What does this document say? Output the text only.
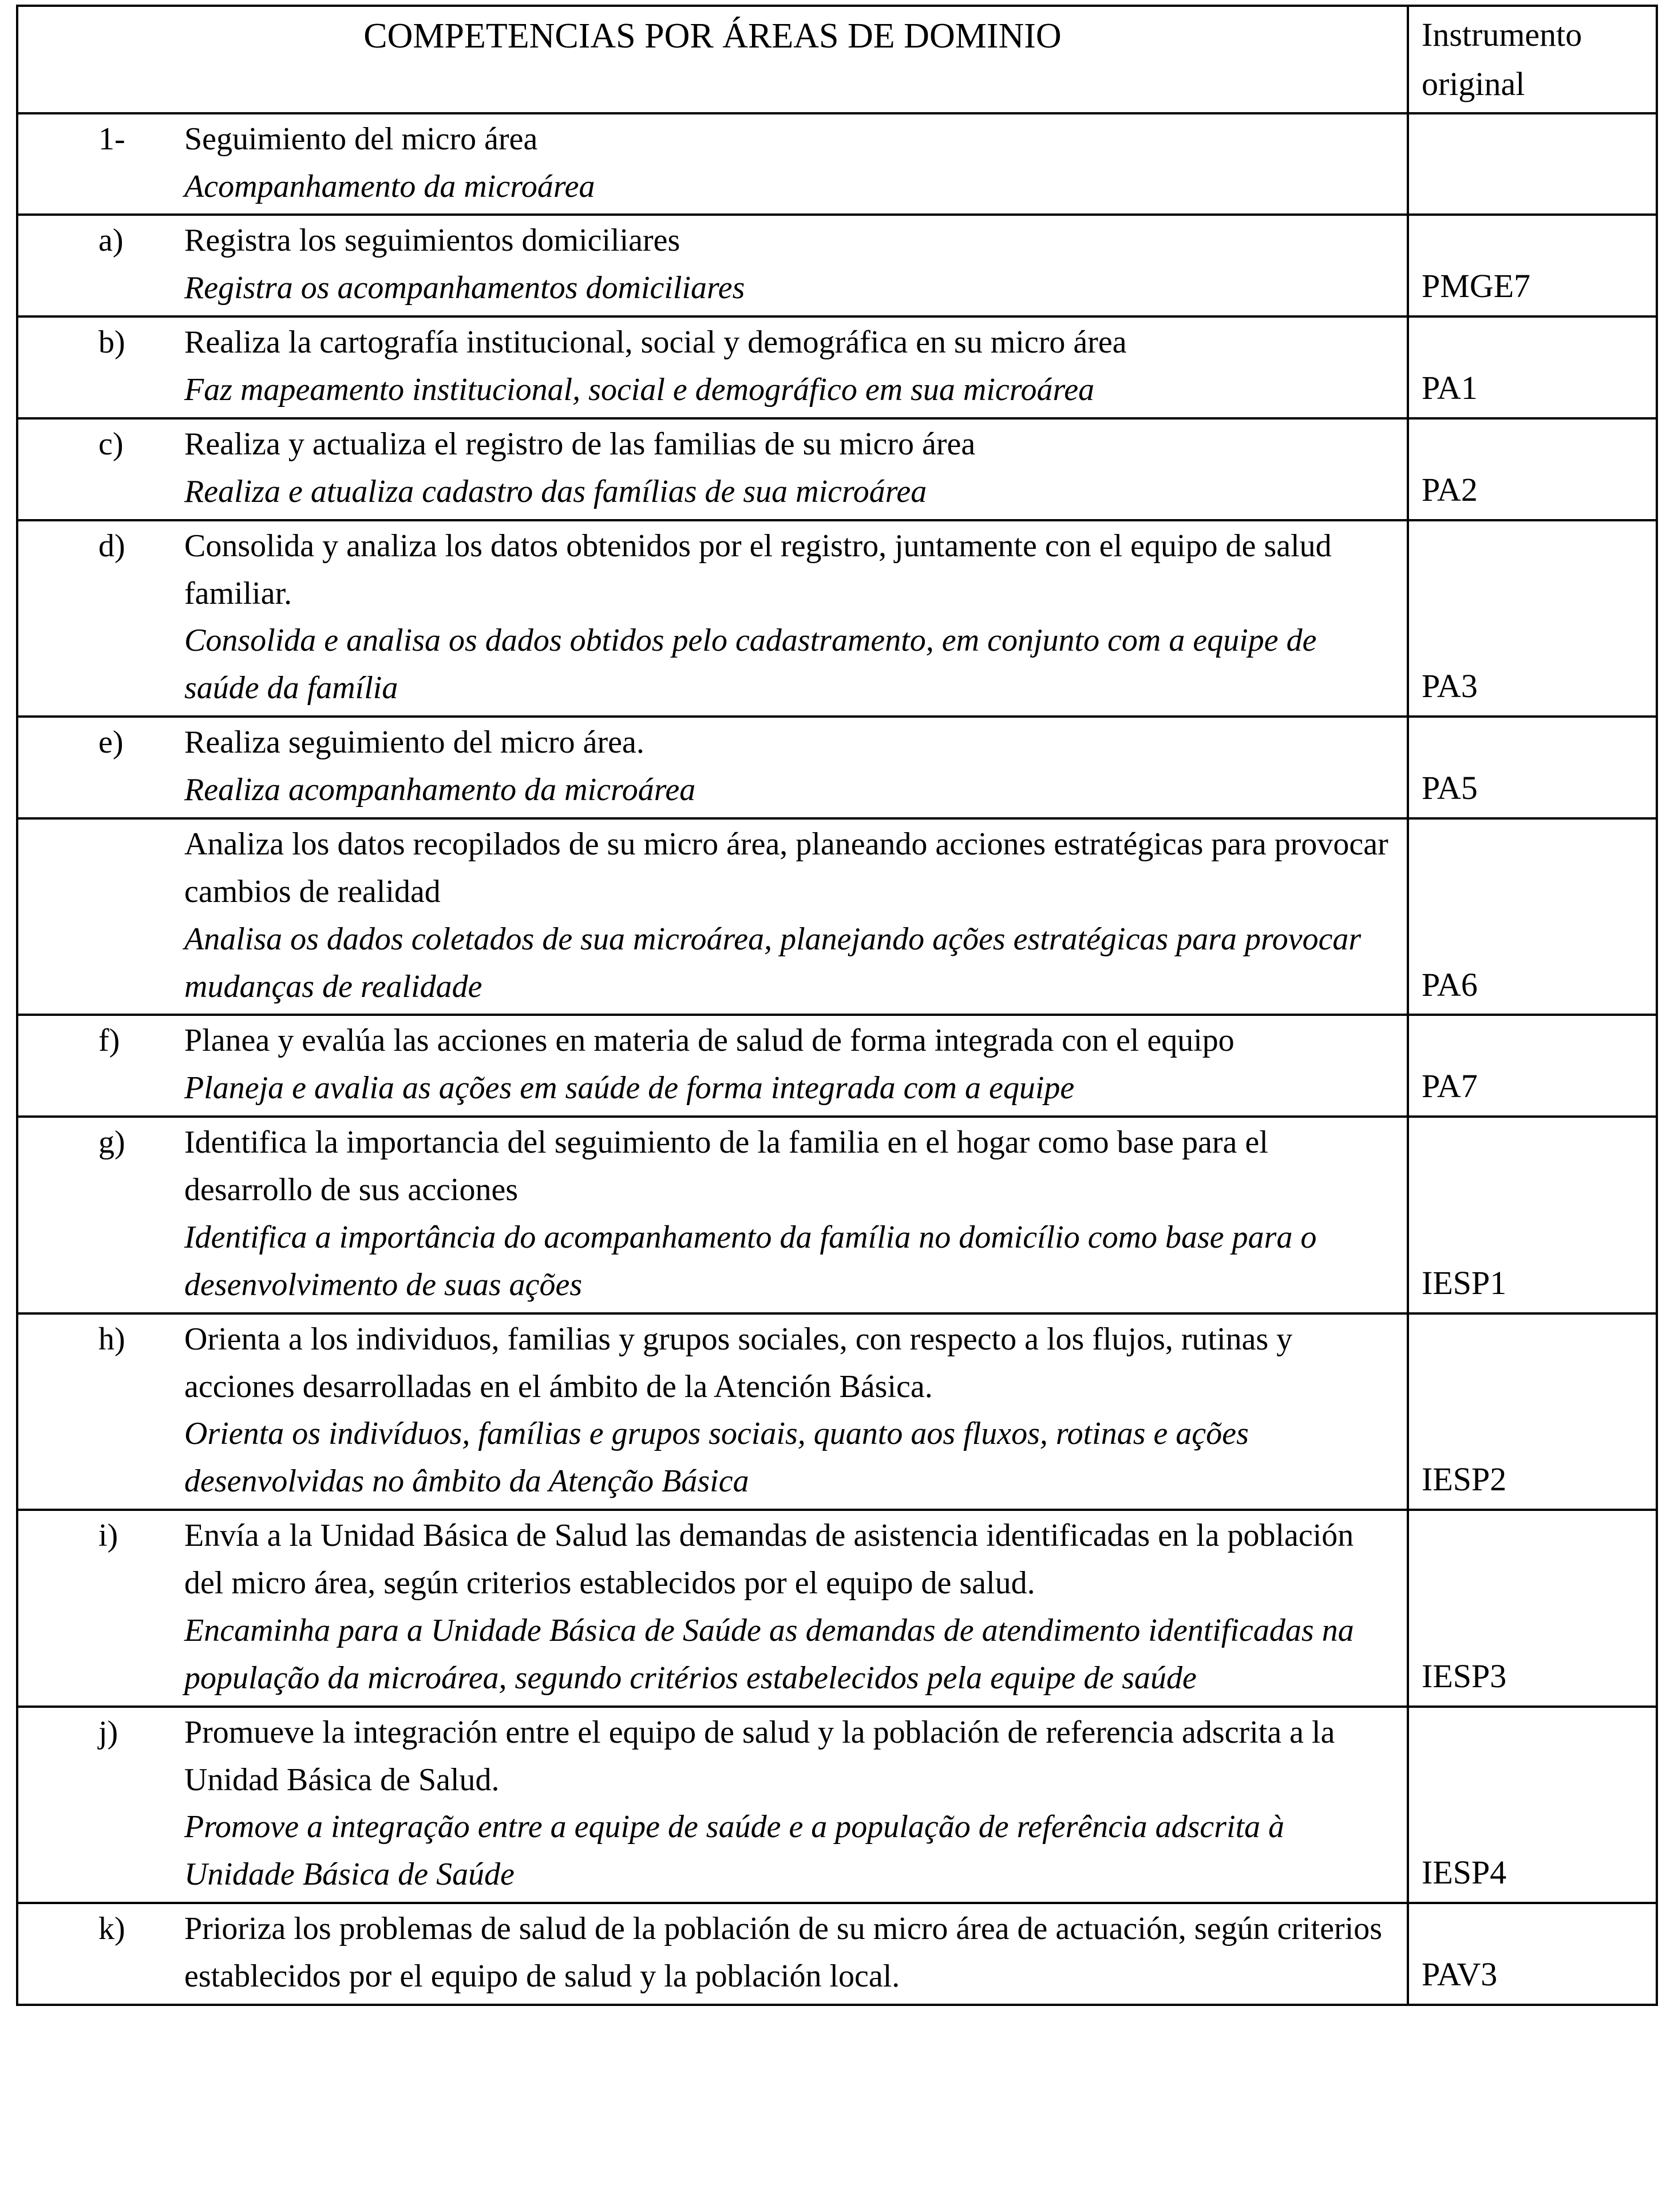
COMPETENCIAS POR ÁREAS DE DOMINIO	Instrumento original

1- Seguimiento del micro área
Acompanhamento da microárea	

a) Registra los seguimientos domiciliares
Registra os acompanhamentos domiciliares	PMGE7

b) Realiza la cartografía institucional, social y demográfica en su micro área
Faz mapeamento institucional, social e demográfico em sua microárea	PA1

c) Realiza y actualiza el registro de las familias de su micro área
Realiza e atualiza cadastro das famílias de sua microárea	PA2

d) Consolida y analiza los datos obtenidos por el registro, juntamente con el equipo de salud familiar.
Consolida e analisa os dados obtidos pelo cadastramento, em conjunto com a equipe de saúde da família	PA3

e) Realiza seguimiento del micro área.
Realiza acompanhamento da microárea	PA5

Analiza los datos recopilados de su micro área, planeando acciones estratégicas para provocar cambios de realidad
Analisa os dados coletados de sua microárea, planejando ações estratégicas para provocar mudanças de realidade	PA6

f) Planea y evalúa las acciones en materia de salud de forma integrada con el equipo
Planeja e avalia as ações em saúde de forma integrada com a equipe	PA7

g) Identifica la importancia del seguimiento de la familia en el hogar como base para el desarrollo de sus acciones
Identifica a importância do acompanhamento da família no domicílio como base para o desenvolvimento de suas ações	IESP1

h) Orienta a los individuos, familias y grupos sociales, con respecto a los flujos, rutinas y acciones desarrolladas en el ámbito de la Atención Básica.
Orienta os indivíduos, famílias e grupos sociais, quanto aos fluxos, rotinas e ações desenvolvidas no âmbito da Atenção Básica	IESP2

i) Envía a la Unidad Básica de Salud las demandas de asistencia identificadas en la población del micro área, según criterios establecidos por el equipo de salud.
Encaminha para a Unidade Básica de Saúde as demandas de atendimento identificadas na população da microárea, segundo critérios estabelecidos pela equipe de saúde	IESP3

j) Promueve la integración entre el equipo de salud y la población de referencia adscrita a la Unidad Básica de Salud.
Promove a integração entre a equipe de saúde e a população de referência adscrita à Unidade Básica de Saúde	IESP4

k) Prioriza los problemas de salud de la población de su micro área de actuación, según criterios establecidos por el equipo de salud y la población local.	PAV3
